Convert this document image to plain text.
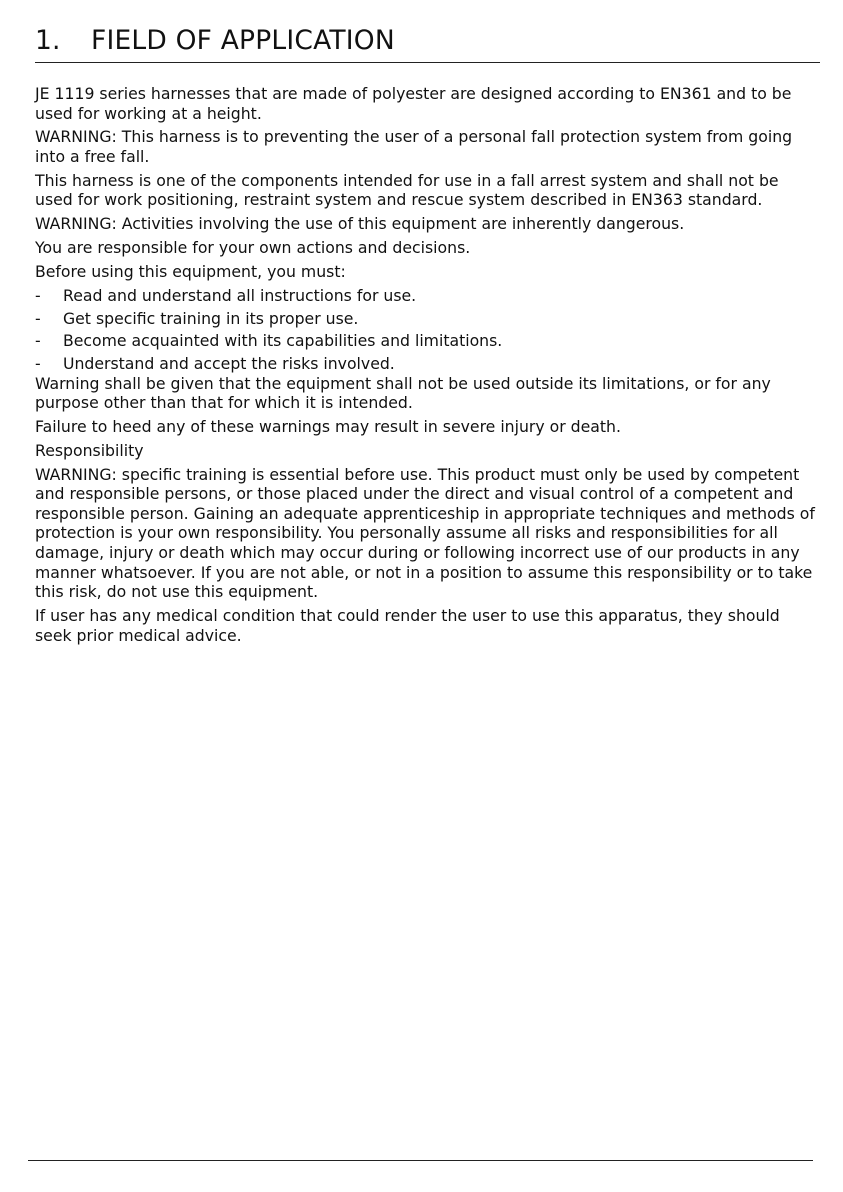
1. FIELD OF APPLICATION

JE 1119 series harnesses that are made of polyester are designed according to EN361 and to be used for working at a height.

WARNING: This harness is to preventing the user of a personal fall protection system from going into a free fall.

This harness is one of the components intended for use in a fall arrest system and shall not be used for work positioning, restraint system and rescue system described in EN363 standard.

WARNING: Activities involving the use of this equipment are inherently dangerous.

You are responsible for your own actions and decisions.

Before using this equipment, you must:

- Read and understand all instructions for use.
- Get specific training in its proper use.
- Become acquainted with its capabilities and limitations.
- Understand and accept the risks involved.

Warning shall be given that the equipment shall not be used outside its limitations, or for any purpose other than that for which it is intended.

Failure to heed any of these warnings may result in severe injury or death.

Responsibility

WARNING: specific training is essential before use. This product must only be used by competent and responsible persons, or those placed under the direct and visual control of a competent and responsible person. Gaining an adequate apprenticeship in appropriate techniques and methods of protection is your own responsibility. You personally assume all risks and responsibilities for all damage, injury or death which may occur during or following incorrect use of our products in any manner whatsoever. If you are not able, or not in a position to assume this responsibility or to take this risk, do not use this equipment.

If user has any medical condition that could render the user to use this apparatus, they should seek prior medical advice.
